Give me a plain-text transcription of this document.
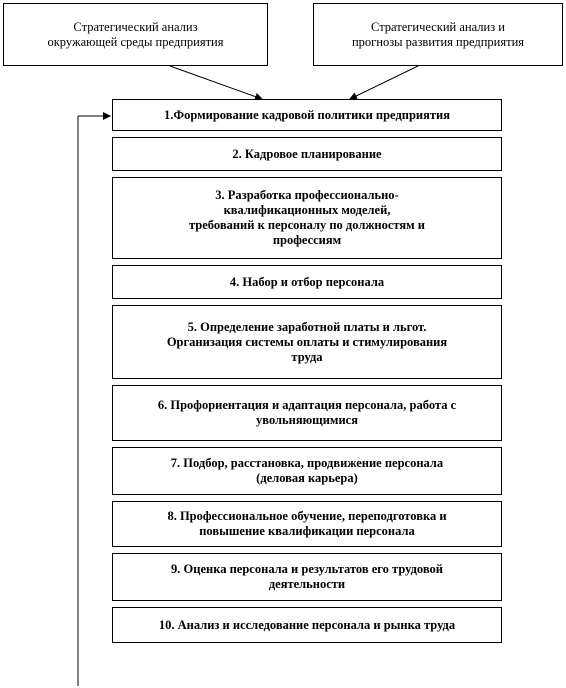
Стратегический анализ
окружающей среды предприятия
Стратегический анализ и
прогнозы развития предприятия
1.Формирование кадровой политики предприятия
2. Кадровое планирование
3. Разработка профессионально-
квалификационных моделей,
требований к персоналу по должностям и
профессиям
4. Набор и отбор персонала
5. Определение заработной платы и льгот.
Организация системы оплаты и стимулирования
труда
6. Профориентация и адаптация персонала, работа с
увольняющимися
7. Подбор, расстановка, продвижение персонала
(деловая карьера)
8. Профессиональное обучение, переподготовка и
повышение квалификации персонала
9. Оценка персонала и результатов его трудовой
деятельности
10. Анализ и исследование персонала и рынка труда
